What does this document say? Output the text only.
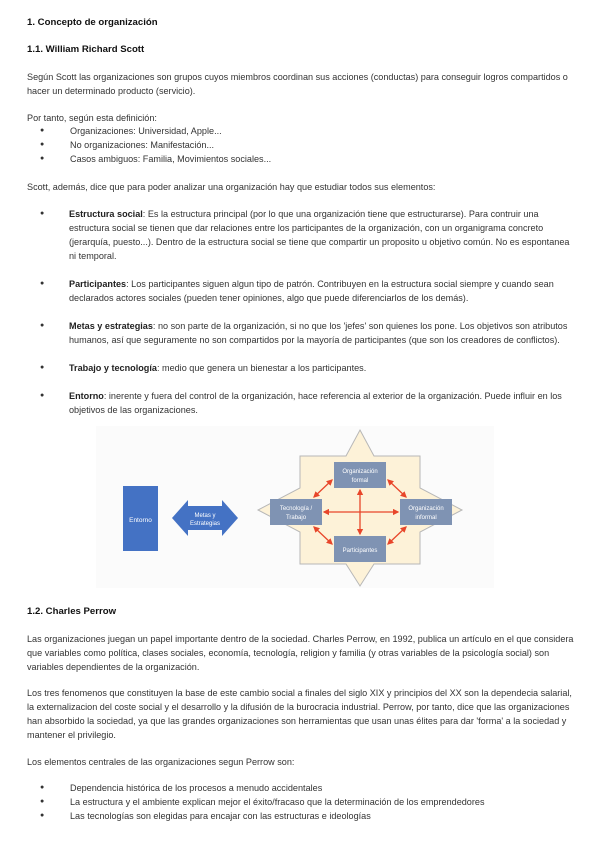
1. Concepto de organización
1.1. William Richard Scott

Según Scott las organizaciones son grupos cuyos miembros coordinan sus acciones (conductas) para conseguir logros compartidos o hacer un determinado producto (servicio).

Por tanto, según esta definición:

● Organizaciones: Universidad, Apple...
● No organizaciones: Manifestación...
● Casos ambiguos: Familia, Movimientos sociales...

Scott, además, dice que para poder analizar una organización hay que estudiar todos sus elementos:

● Estructura social: Es la estructura principal (por lo que una organización tiene que estructurarse). Para contruir una estructura social se tienen que dar relaciones entre los participantes de la organización, con un organigrama concreto (jerarquía, puesto...). Dentro de la estructura social se tiene que compartir un proposito u objetivo común. No es espontanea ni temporal.
● Participantes: Los participantes siguen algun tipo de patrón. Contribuyen en la estructura social siempre y cuando sean declarados actores sociales (pueden tener opiniones, algo que puede diferenciarlos de los demás).
● Metas y estrategias: no son parte de la organización, si no que los 'jefes' son quienes los pone. Los objetivos son atributos humanos, así que seguramente no son compartidos por la mayoría de participantes (que son los creadores de conflictos).
● Trabajo y tecnología: medio que genera un bienestar a los participantes.
● Entorno: inerente y fuera del control de la organización, hace referencia al exterior de la organización. Puede influir en los objetivos de las organizaciones.
Entorno
Metas y
Estrategias
Organización
formal
Tecnología /
Trabajo
Organización
informal
Participantes
1.2. Charles Perrow

Las organizaciones juegan un papel importante dentro de la sociedad. Charles Perrow, en 1992, publica un artículo en el que considera que variables como política, clases sociales, economía, tecnología, religion y familia (y otras variables de la psicología social) son variables dependientes de la organización.

Los tres fenomenos que constituyen la base de este cambio social a finales del siglo XIX y principios del XX son la dependecia salarial, la externalizacion del coste social y el desarrollo y la difusión de la burocracia industrial. Perrow, por tanto, dice que las organizaciones han absorbido la sociedad, ya que las grandes organizaciones son herramientas que usan unas élites para dar 'forma' a la sociedad y mantener el privilegio.

Los elementos centrales de las organizaciones segun Perrow son:

● Dependencia histórica de los procesos a menudo accidentales
● La estructura y el ambiente explican mejor el éxito/fracaso que la determinación de los emprendedores
● Las tecnologías son elegidas para encajar con las estructuras e ideologías
